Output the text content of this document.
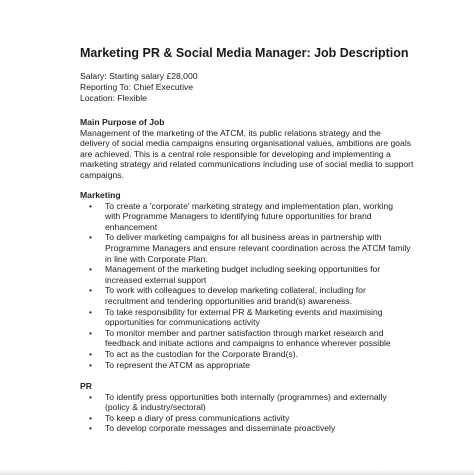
Marketing PR & Social Media Manager: Job Description
Salary: Starting salary £28,000
Reporting To: Chief Executive
Location: Flexible
Main Purpose of Job
Management of the marketing of the ATCM, its public relations strategy and the
delivery of social media campaigns ensuring organisational values, ambitions are goals
are achieved. This is a central role responsible for developing and implementing a
marketing strategy and related communications including use of social media to support
campaigns.
Marketing
• To create a 'corporate' marketing strategy and implementation plan, working
with Programme Managers to identifying future opportunities for brand
enhancement
• To deliver marketing campaigns for all business areas in partnership with
Programme Managers and ensure relevant coordination across the ATCM family
in line with Corporate Plan.
• Management of the marketing budget including seeking opportunities for
increased external support
• To work with colleagues to develop marketing collateral, including for
recruitment and tendering opportunities and brand(s) awareness.
• To take responsibility for external PR & Marketing events and maximising
opportunities for communications activity
• To monitor member and partner satisfaction through market research and
feedback and initiate actions and campaigns to enhance wherever possible
• To act as the custodian for the Corporate Brand(s).
• To represent the ATCM as appropriate
PR
• To identify press opportunities both internally (programmes) and externally
(policy & industry/sectoral)
• To keep a diary of press communications activity
• To develop corporate messages and disseminate proactively
